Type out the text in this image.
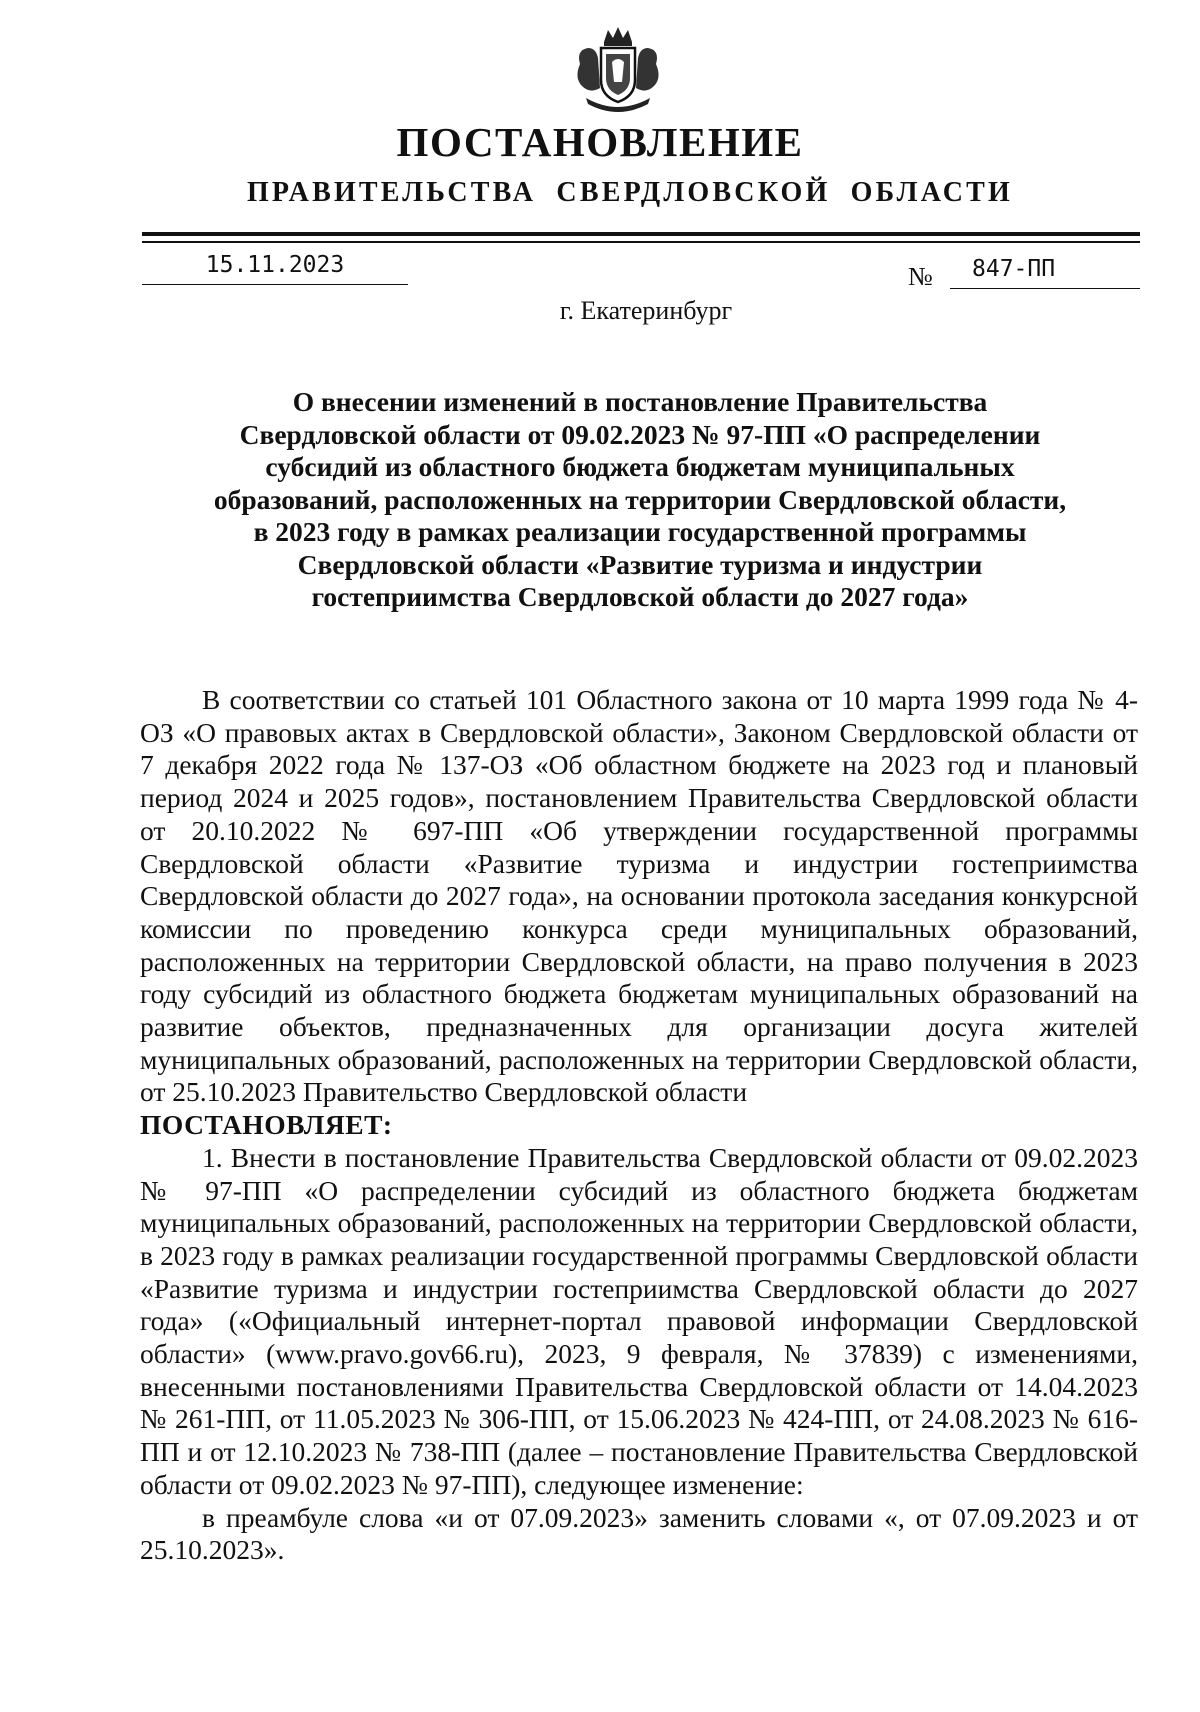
ПОСТАНОВЛЕНИЕ
ПРАВИТЕЛЬСТВА СВЕРДЛОВСКОЙ ОБЛАСТИ
15.11.2023	№	847-ПП
г. Екатеринбург
О внесении изменений в постановление Правительства
Свердловской области от 09.02.2023 № 97-ПП «О распределении
субсидий из областного бюджета бюджетам муниципальных
образований, расположенных на территории Свердловской области,
в 2023 году в рамках реализации государственной программы
Свердловской области «Развитие туризма и индустрии
гостеприимства Свердловской области до 2027 года»

В соответствии со статьей 101 Областного закона от 10 марта 1999 года № 4-ОЗ «О правовых актах в Свердловской области», Законом Свердловской области от 7 декабря 2022 года № 137-ОЗ «Об областном бюджете на 2023 год и плановый период 2024 и 2025 годов», постановлением Правительства Свердловской области от 20.10.2022 № 697-ПП «Об утверждении государственной программы Свердловской области «Развитие туризма и индустрии гостеприимства Свердловской области до 2027 года», на основании протокола заседания конкурсной комиссии по проведению конкурса среди муниципальных образований, расположенных на территории Свердловской области, на право получения в 2023 году субсидий из областного бюджета бюджетам муниципальных образований на развитие объектов, предназначенных для организации досуга жителей муниципальных образований, расположенных на территории Свердловской области, от 25.10.2023 Правительство Свердловской области

ПОСТАНОВЛЯЕТ:

1. Внести в постановление Правительства Свердловской области от 09.02.2023 № 97-ПП «О распределении субсидий из областного бюджета бюджетам муниципальных образований, расположенных на территории Свердловской области, в 2023 году в рамках реализации государственной программы Свердловской области «Развитие туризма и индустрии гостеприимства Свердловской области до 2027 года» («Официальный интернет-портал правовой информации Свердловской области» (www.pravo.gov66.ru), 2023, 9 февраля, № 37839) с изменениями, внесенными постановлениями Правительства Свердловской области от 14.04.2023 № 261-ПП, от 11.05.2023 № 306-ПП, от 15.06.2023 № 424-ПП, от 24.08.2023 № 616-ПП и от 12.10.2023 № 738-ПП (далее – постановление Правительства Свердловской области от 09.02.2023 № 97-ПП), следующее изменение:

в преамбуле слова «и от 07.09.2023» заменить словами «, от 07.09.2023 и от 25.10.2023».
